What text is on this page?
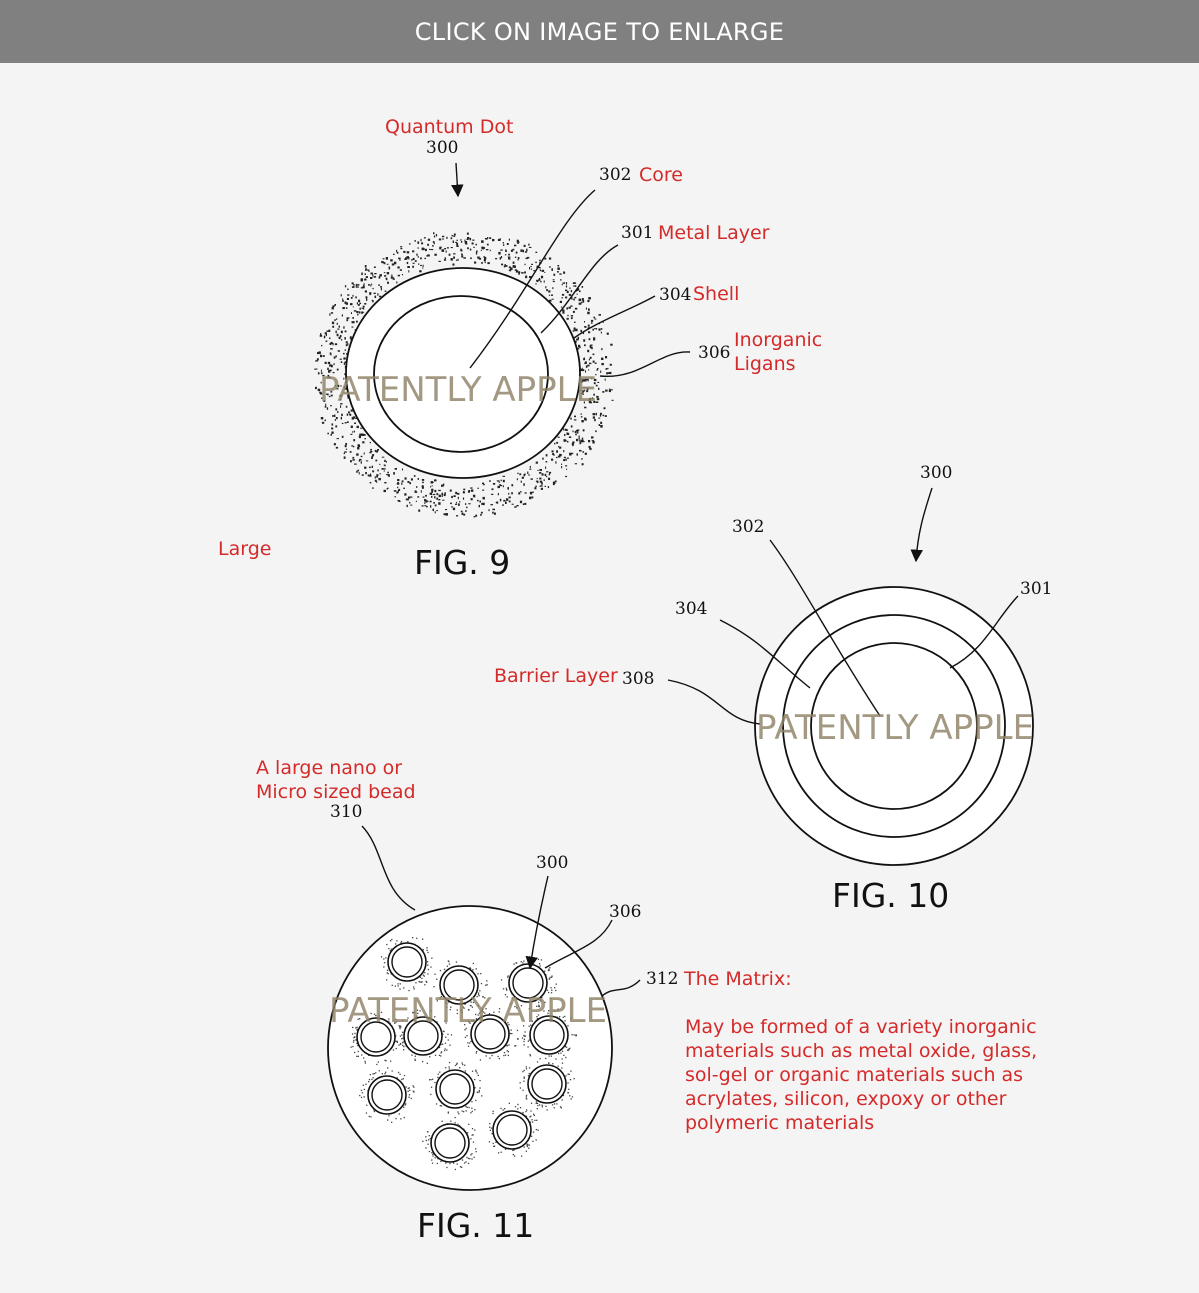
CLICK ON IMAGE TO ENLARGE
Quantum Dot
300
302 Core
301 Metal Layer
304 Shell
306
Inorganic
Ligans
Large	FIG. 9
PATENTLY APPLE
300
302
301
304
Barrier Layer 308
FIG. 10
PATENTLY APPLE
A large nano or
Micro sized bead
310
300
306
312 The Matrix:
May be formed of a variety inorganic
materials such as metal oxide, glass,
sol-gel or organic materials such as
acrylates, silicon, expoxy or other
polymeric materials
FIG. 11
PATENTLY APPLE
